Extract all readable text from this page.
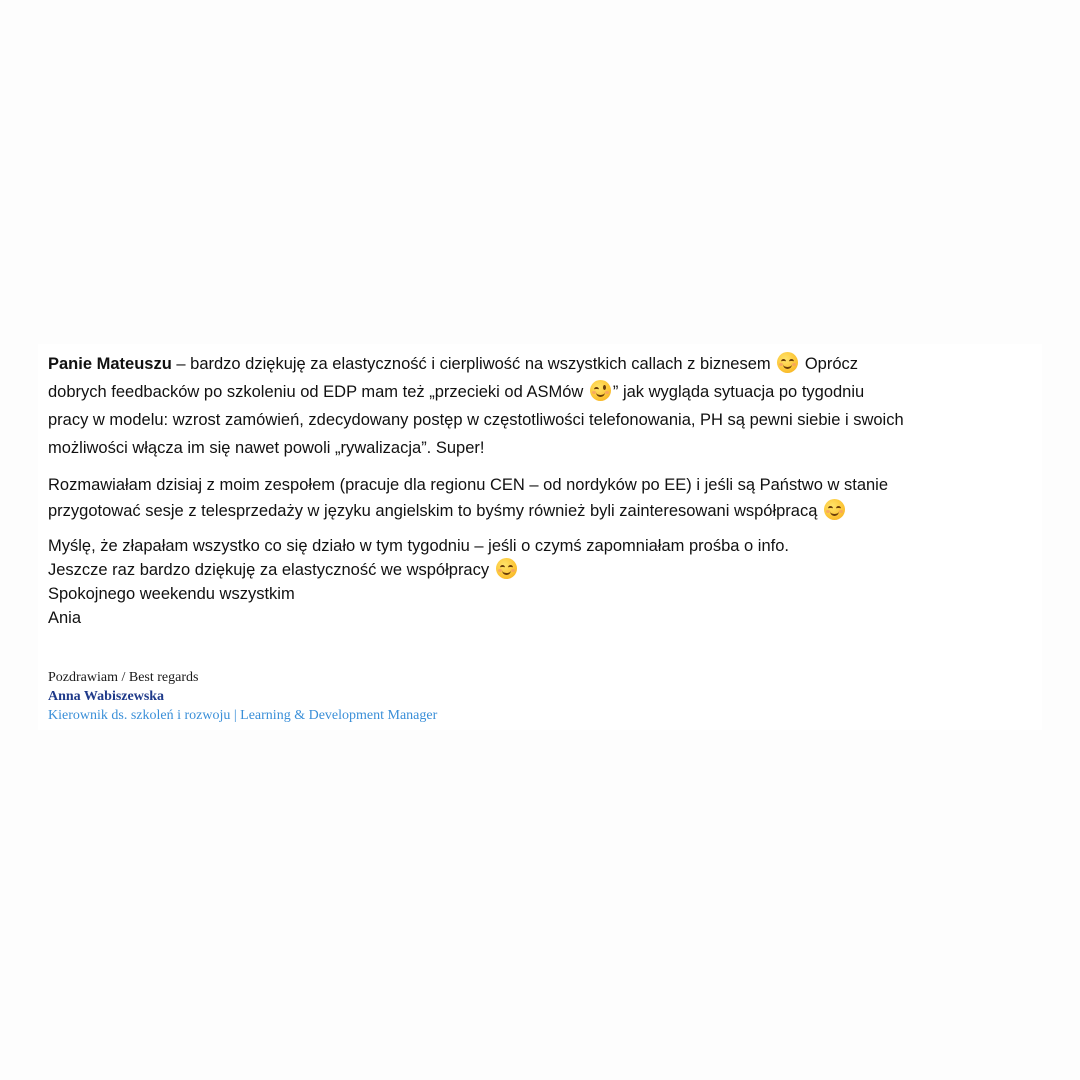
Panie Mateuszu – bardzo dziękuję za elastyczność i cierpliwość na wszystkich callach z biznesem
Oprócz
dobrych feedbacków po szkoleniu od EDP mam też „przecieki od ASMów ” jak wygląda sytuacja po tygodniu
pracy w modelu: wzrost zamówień, zdecydowany postęp w częstotliwości telefonowania, PH są pewni siebie i swoich
możliwości włącza im się nawet powoli „rywalizacja”. Super!

Rozmawiałam dzisiaj z moim zespołem (pracuje dla regionu CEN – od nordyków po EE) i jeśli są Państwo w stanie
przygotować sesje z telesprzedaży w języku angielskim to byśmy również byli zainteresowani współpracą

Myślę, że złapałam wszystko co się działo w tym tygodniu – jeśli o czymś zapomniałam prośba o info.
Jeszcze raz bardzo dziękuję za elastyczność we współpracy
Spokojnego weekendu wszystkim
Ania

Pozdrawiam / Best regards
Anna Wabiszewska
Kierownik ds. szkoleń i rozwoju | Learning & Development Manager
